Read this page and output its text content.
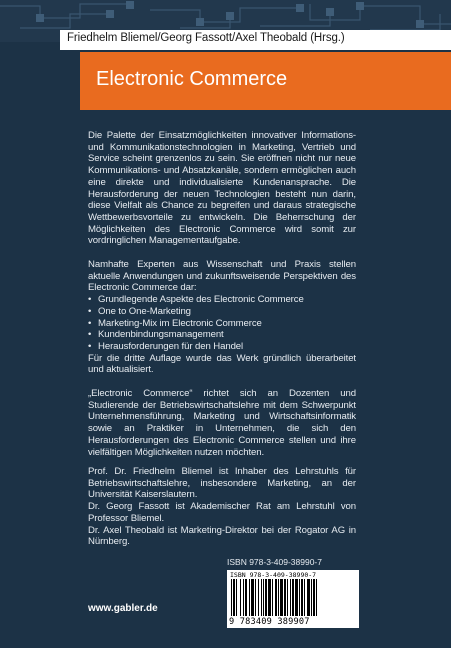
Friedhelm Bliemel/Georg Fassott/Axel Theobald (Hrsg.)
Electronic Commerce

Die Palette der Einsatzmöglichkeiten innovativer Informations- und Kommunikationstechnologien in Marketing, Vertrieb und Service scheint grenzenlos zu sein. Sie eröffnen nicht nur neue Kommunikations- und Absatzkanäle, sondern ermöglichen auch eine direkte und individualisierte Kundenansprache. Die Herausforderung der neuen Technologien besteht nun darin, diese Vielfalt als Chance zu begreifen und daraus strategische Wettbewerbsvorteile zu entwickeln. Die Beherrschung der Möglichkeiten des Electronic Commerce wird somit zur vordringlichen Managementaufgabe.

Namhafte Experten aus Wissenschaft und Praxis stellen aktuelle Anwendungen und zukunftsweisende Perspektiven des Electronic Commerce dar:

• Grundlegende Aspekte des Electronic Commerce
• One to One-Marketing
• Marketing-Mix im Electronic Commerce
• Kundenbindungsmanagement
• Herausforderungen für den Handel

Für die dritte Auflage wurde das Werk gründlich überarbeitet und aktualisiert.

„Electronic Commerce“ richtet sich an Dozenten und Studierende der Betriebswirtschaftslehre mit dem Schwerpunkt Unternehmensführung, Marketing und Wirtschaftsinformatik sowie an Praktiker in Unternehmen, die sich den Herausforderungen des Electronic Commerce stellen und ihre vielfältigen Möglichkeiten nutzen möchten.

Prof. Dr. Friedhelm Bliemel ist Inhaber des Lehrstuhls für Betriebswirtschaftslehre, insbesondere Marketing, an der Universität Kaiserslautern.

Dr. Georg Fassott ist Akademischer Rat am Lehrstuhl von Professor Bliemel.

Dr. Axel Theobald ist Marketing-Direktor bei der Rogator AG in Nürnberg.

ISBN 978-3-409-38990-7
ISBN 978-3-409-38990-7
9 783409 389907
www.gabler.de
